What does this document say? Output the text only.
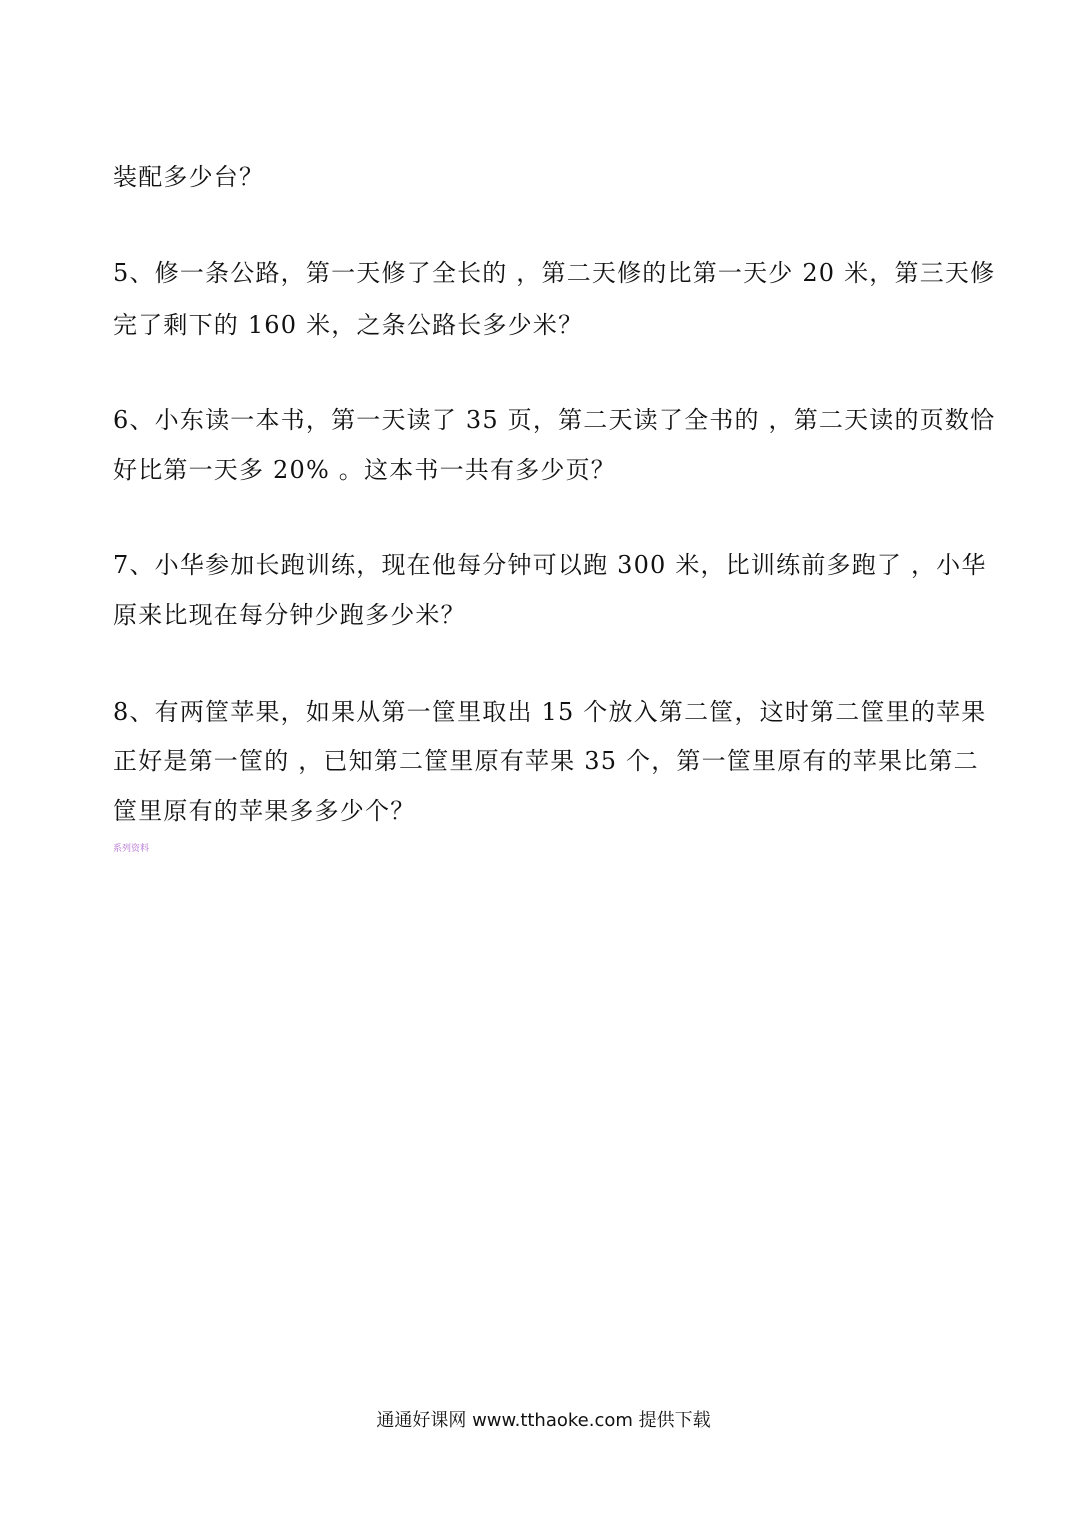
装配多少台？
5、修一条公路，第一天修了全长的 ，第二天修的比第一天少 20 米，第三天修
完了剩下的 160 米，之条公路长多少米？
6、小东读一本书，第一天读了 35 页，第二天读了全书的 ，第二天读的页数恰
好比第一天多 20% 。这本书一共有多少页？
7、小华参加长跑训练，现在他每分钟可以跑 300 米，比训练前多跑了 ，小华
原来比现在每分钟少跑多少米？
8、有两筐苹果，如果从第一筐里取出 15 个放入第二筐，这时第二筐里的苹果
正好是第一筐的 ，已知第二筐里原有苹果 35 个，第一筐里原有的苹果比第二
筐里原有的苹果多多少个？
系列资料
通通好课网 www.tthaoke.com 提供下载
